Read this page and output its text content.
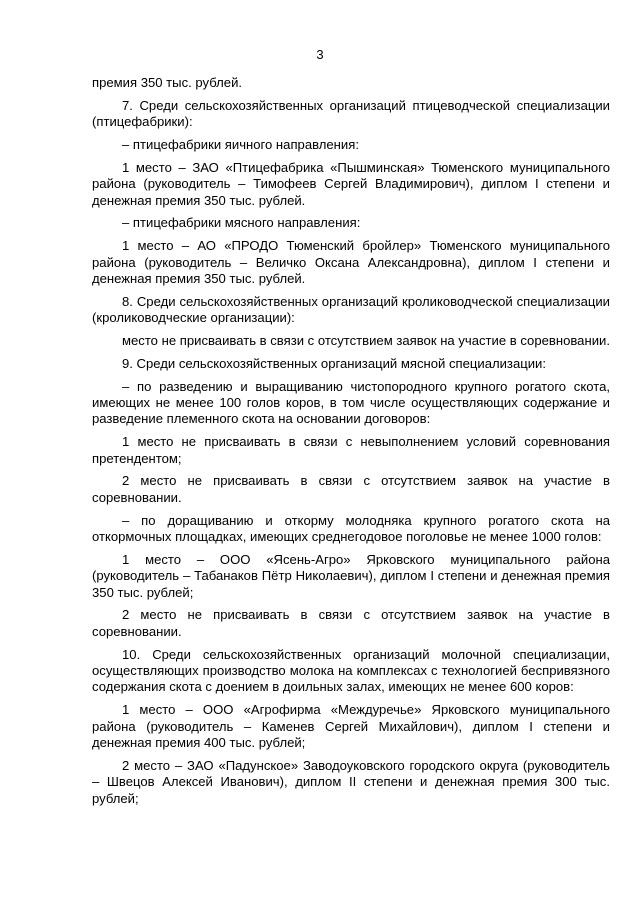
3

премия 350 тыс. рублей.

7. Среди сельскохозяйственных организаций птицеводческой специализации (птицефабрики):

– птицефабрики яичного направления:

1 место – ЗАО «Птицефабрика «Пышминская» Тюменского муниципального района (руководитель – Тимофеев Сергей Владимирович), диплом I степени и денежная премия 350 тыс. рублей.

– птицефабрики мясного направления:

1 место – АО «ПРОДО Тюменский бройлер» Тюменского муниципального района (руководитель – Величко Оксана Александровна), диплом I степени и денежная премия 350 тыс. рублей.

8. Среди сельскохозяйственных организаций кролиководческой специализации (кролиководческие организации):

место не присваивать в связи с отсутствием заявок на участие в соревновании.

9. Среди сельскохозяйственных организаций мясной специализации:

– по разведению и выращиванию чистопородного крупного рогатого скота, имеющих не менее 100 голов коров, в том числе осуществляющих содержание и разведение племенного скота на основании договоров:

1 место не присваивать в связи с невыполнением условий соревнования претендентом;

2 место не присваивать в связи с отсутствием заявок на участие в соревновании.

– по доращиванию и откорму молодняка крупного рогатого скота на откормочных площадках, имеющих среднегодовое поголовье не менее 1000 голов:

1 место – ООО «Ясень-Агро» Ярковского муниципального района (руководитель – Табанаков Пётр Николаевич), диплом I степени и денежная премия 350 тыс. рублей;

2 место не присваивать в связи с отсутствием заявок на участие в соревновании.

10. Среди сельскохозяйственных организаций молочной специализации, осуществляющих производство молока на комплексах с технологией беспривязного содержания скота с доением в доильных залах, имеющих не менее 600 коров:

1 место – ООО «Агрофирма «Междуречье» Ярковского муниципального района (руководитель – Каменев Сергей Михайлович), диплом I степени и денежная премия 400 тыс. рублей;

2 место – ЗАО «Падунское» Заводоуковского городского округа (руководитель – Швецов Алексей Иванович), диплом II степени и денежная премия 300 тыс. рублей;
